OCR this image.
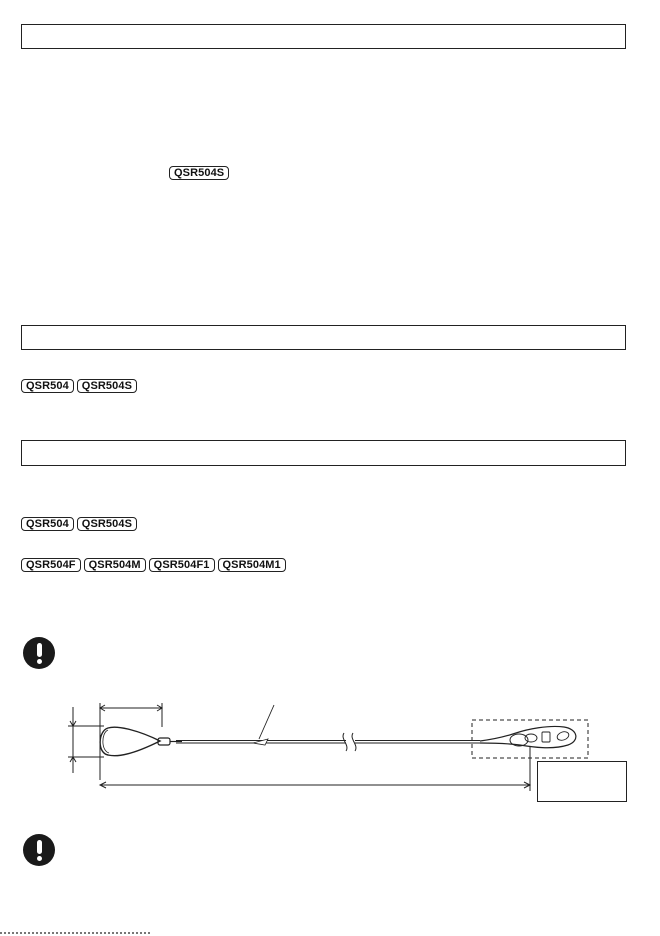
QSR504S
QSR504	QSR504S
QSR504	QSR504S
QSR504F	QSR504M	QSR504F1	QSR504M1
